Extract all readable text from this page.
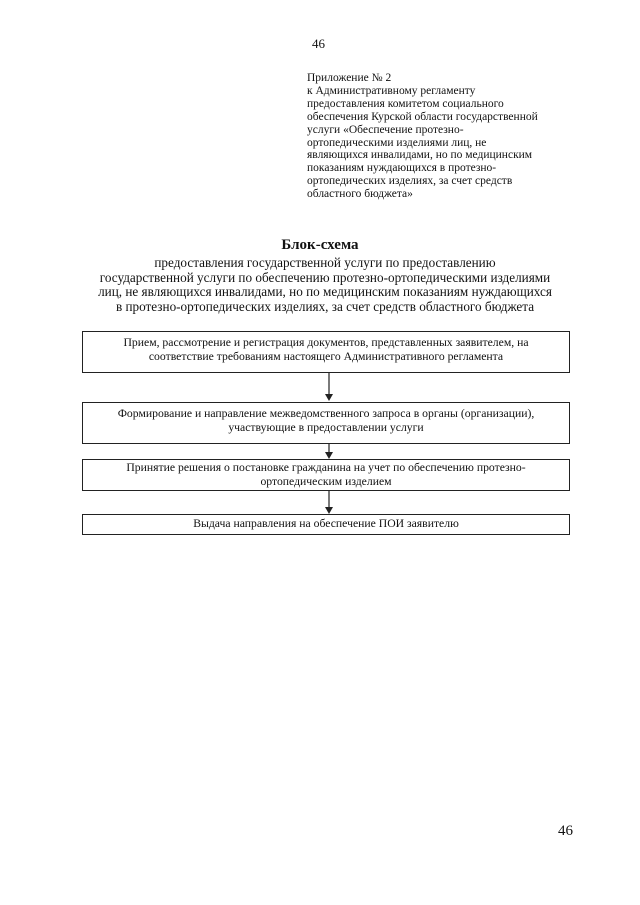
46
Приложение № 2
к Административному регламенту
предоставления комитетом социального
обеспечения Курской области государственной
услуги «Обеспечение протезно-
ортопедическими изделиями лиц, не
являющихся инвалидами, но по медицинским
показаниям нуждающихся в протезно-
ортопедических изделиях, за счет средств
областного бюджета»
Блок-схема
предоставления государственной услуги по предоставлению
государственной услуги по обеспечению протезно-ортопедическими изделиями
лиц, не являющихся инвалидами, но по медицинским показаниям нуждающихся
в протезно-ортопедических изделиях, за счет средств областного бюджета
Прием, рассмотрение и регистрация документов, представленных заявителем, на
соответствие требованиям настоящего Административного регламента
Формирование и направление межведомственного запроса в органы (организации),
участвующие в предоставлении услуги
Принятие решения о постановке гражданина на учет по обеспечению протезно-
ортопедическим изделием
Выдача направления на обеспечение ПОИ заявителю
46
